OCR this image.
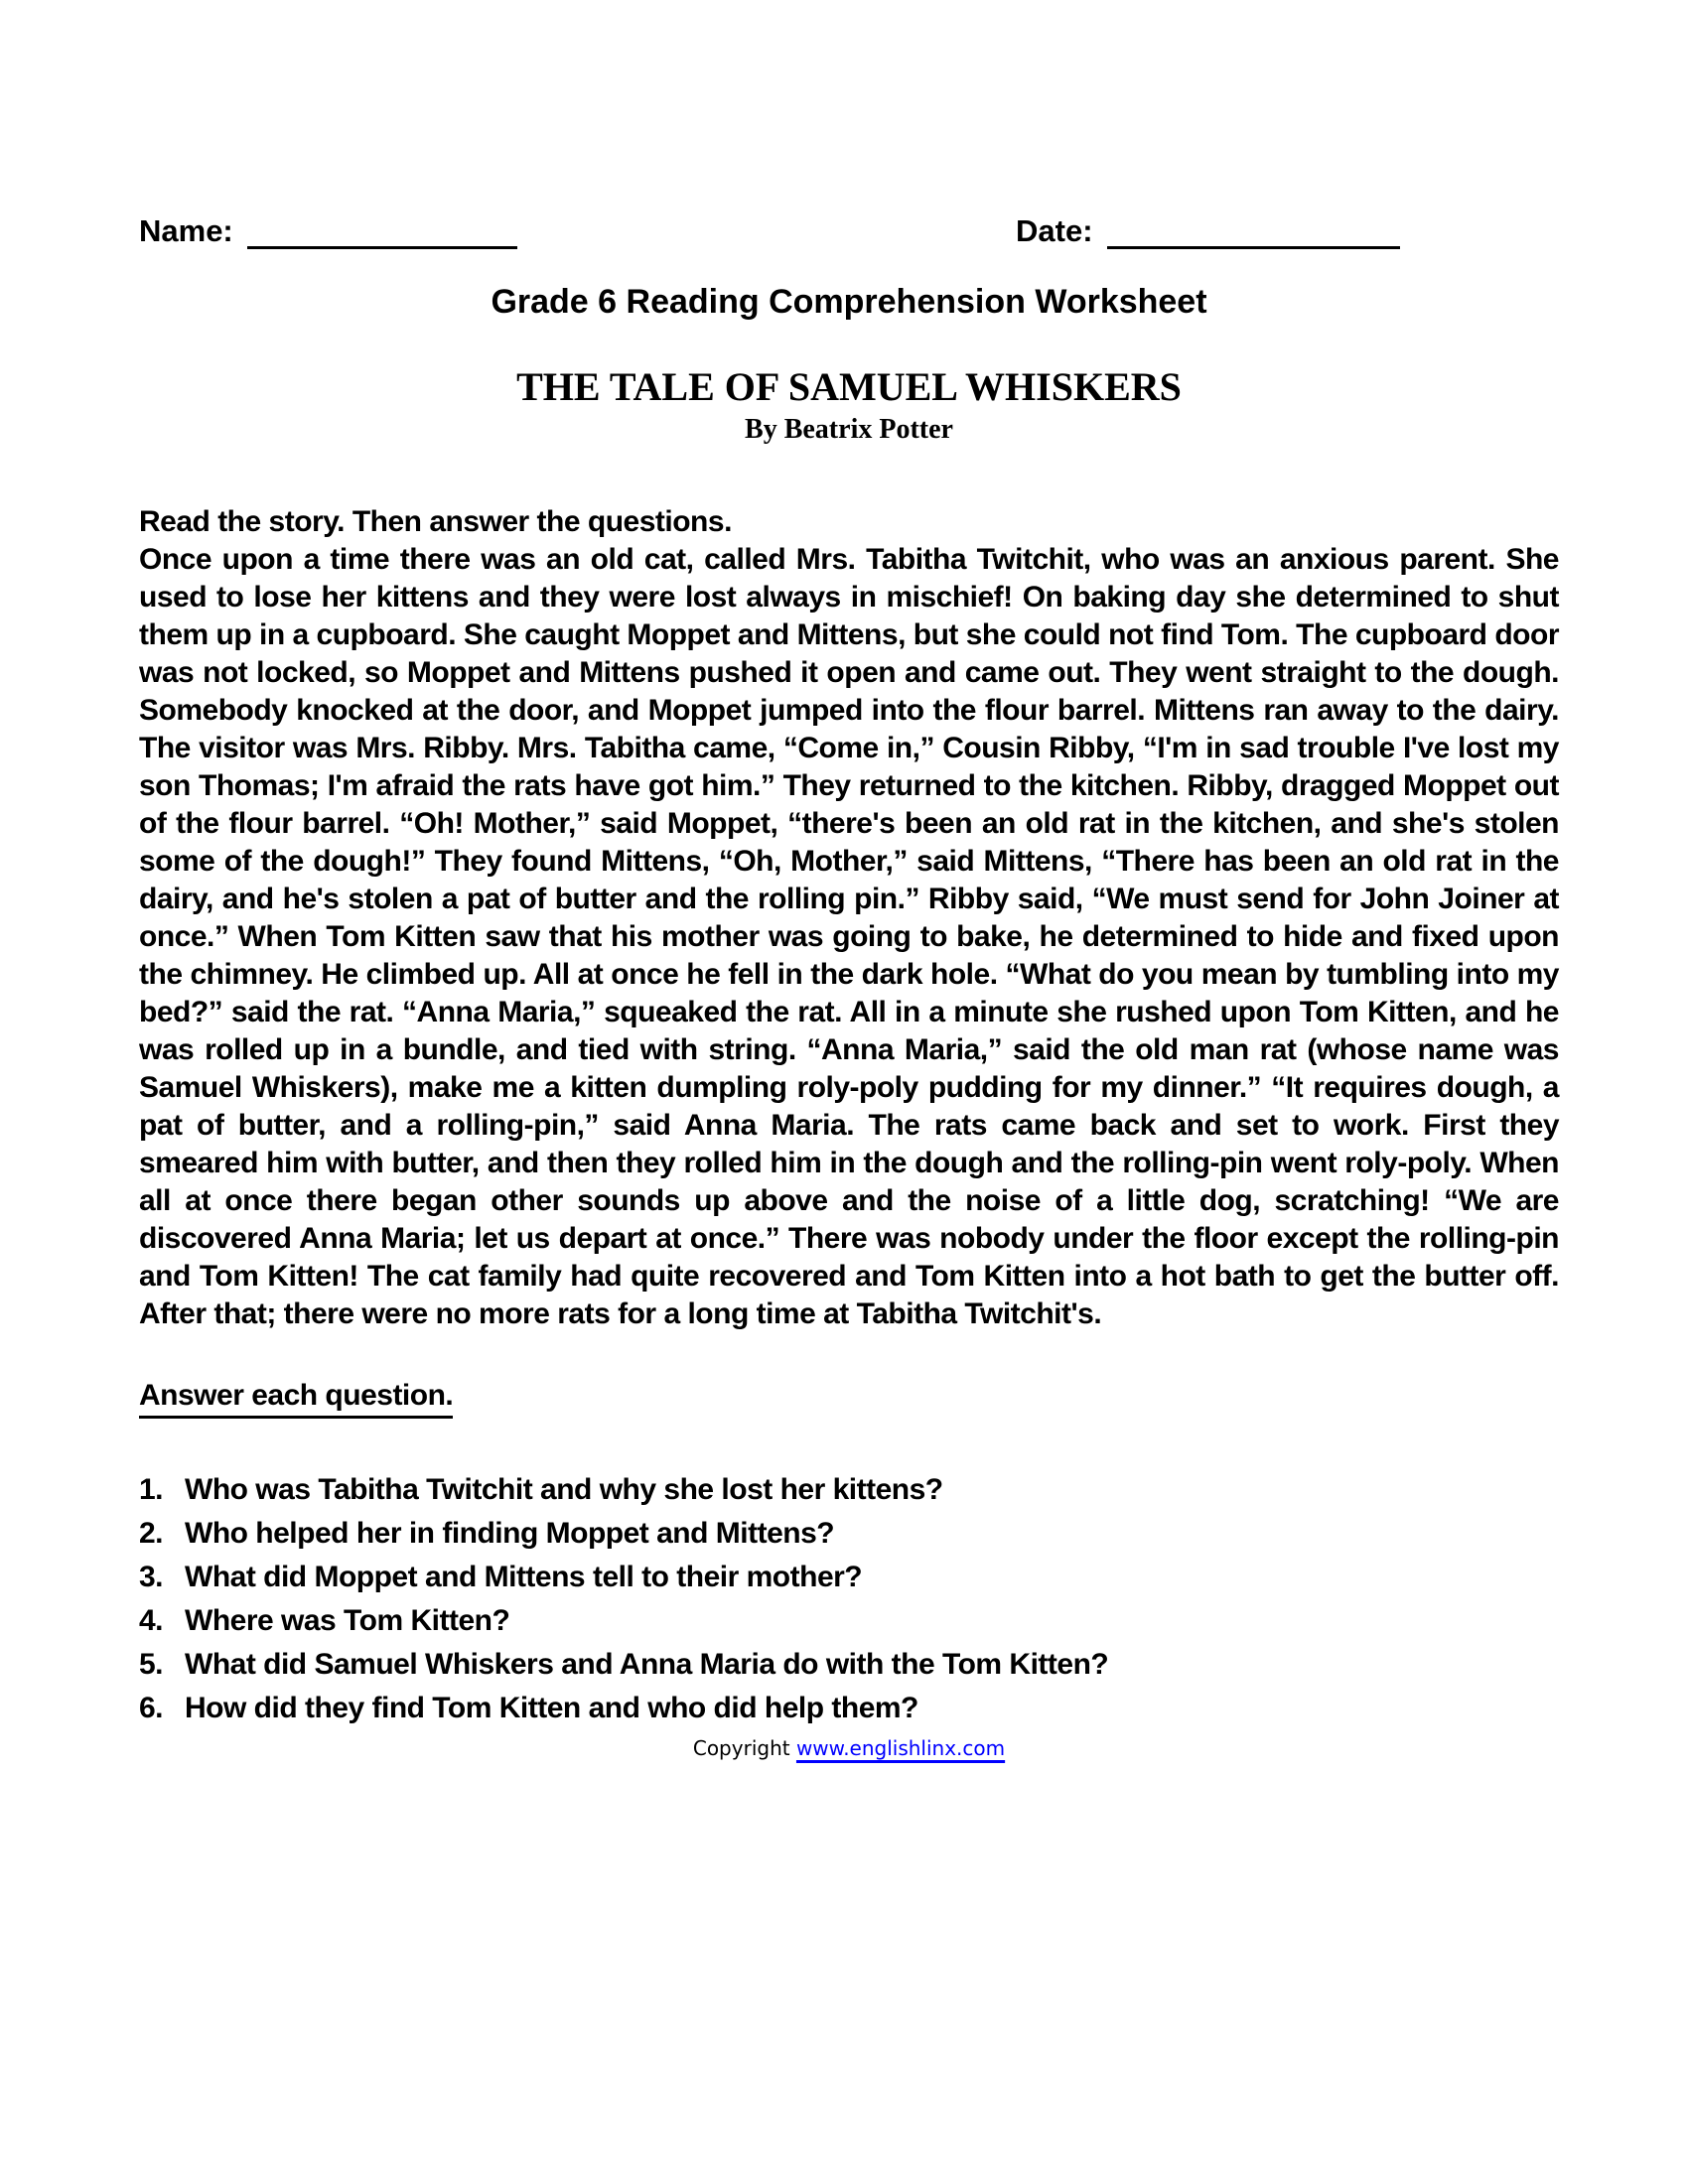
Name:	Date:
Grade 6 Reading Comprehension Worksheet
THE TALE OF SAMUEL WHISKERS
By Beatrix Potter
Read the story. Then answer the questions.
Once upon a time there was an old cat, called Mrs. Tabitha Twitchit, who was an anxious parent. She used to lose her kittens and they were lost always in mischief! On baking day she determined to shut them up in a cupboard. She caught Moppet and Mittens, but she could not find Tom. The cupboard door was not locked, so Moppet and Mittens pushed it open and came out. They went straight to the dough. Somebody knocked at the door, and Moppet jumped into the flour barrel. Mittens ran away to the dairy. The visitor was Mrs. Ribby. Mrs. Tabitha came, “Come in,” Cousin Ribby, “I'm in sad trouble I've lost my son Thomas; I'm afraid the rats have got him.” They returned to the kitchen. Ribby, dragged Moppet out of the flour barrel. “Oh! Mother,” said Moppet, “there's been an old rat in the kitchen, and she's stolen some of the dough!” They found Mittens, “Oh, Mother,” said Mittens, “There has been an old rat in the dairy, and he's stolen a pat of butter and the rolling pin.” Ribby said, “We must send for John Joiner at once.” When Tom Kitten saw that his mother was going to bake, he determined to hide and fixed upon the chimney. He climbed up. All at once he fell in the dark hole. “What do you mean by tumbling into my bed?” said the rat. “Anna Maria,” squeaked the rat. All in a minute she rushed upon Tom Kitten, and he was rolled up in a bundle, and tied with string. “Anna Maria,” said the old man rat (whose name was Samuel Whiskers), make me a kitten dumpling roly-poly pudding for my dinner.” “It requires dough, a pat of butter, and a rolling-pin,” said Anna Maria. The rats came back and set to work. First they smeared him with butter, and then they rolled him in the dough and the rolling-pin went roly-poly. When all at once there began other sounds up above and the noise of a little dog, scratching! “We are discovered Anna Maria; let us depart at once.” There was nobody under the floor except the rolling-pin and Tom Kitten! The cat family had quite recovered and Tom Kitten into a hot bath to get the butter off. After that; there were no more rats for a long time at Tabitha Twitchit's.
Answer each question.
1. Who was Tabitha Twitchit and why she lost her kittens?
2. Who helped her in finding Moppet and Mittens?
3. What did Moppet and Mittens tell to their mother?
4. Where was Tom Kitten?
5. What did Samuel Whiskers and Anna Maria do with the Tom Kitten?
6. How did they find Tom Kitten and who did help them?
Copyright www.englishlinx.com
